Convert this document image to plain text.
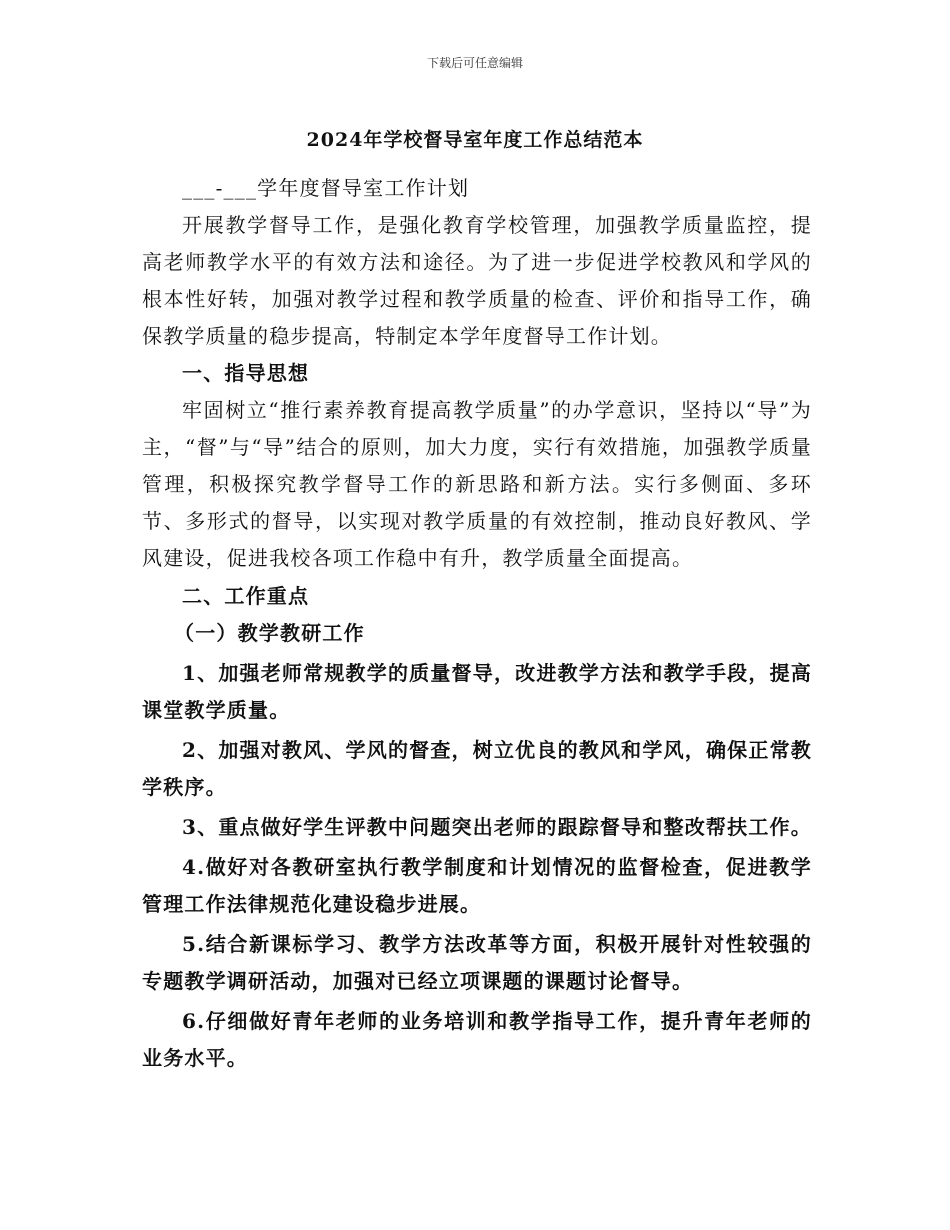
下载后可任意编辑
2024年学校督导室年度工作总结范本

___-___学年度督导室工作计划

开展教学督导工作，是强化教育学校管理，加强教学质量监控，提高老师教学水平的有效方法和途径。为了进一步促进学校教风和学风的根本性好转，加强对教学过程和教学质量的检查、评价和指导工作，确保教学质量的稳步提高，特制定本学年度督导工作计划。

一、指导思想

牢固树立“推行素养教育提高教学质量”的办学意识，坚持以“导”为主，“督”与“导”结合的原则，加大力度，实行有效措施，加强教学质量管理，积极探究教学督导工作的新思路和新方法。实行多侧面、多环节、多形式的督导，以实现对教学质量的有效控制，推动良好教风、学风建设，促进我校各项工作稳中有升，教学质量全面提高。

二、工作重点

（一）教学教研工作

1、加强老师常规教学的质量督导，改进教学方法和教学手段，提高课堂教学质量。

2、加强对教风、学风的督查，树立优良的教风和学风，确保正常教学秩序。

3、重点做好学生评教中问题突出老师的跟踪督导和整改帮扶工作。

4.做好对各教研室执行教学制度和计划情况的监督检查，促进教学管理工作法律规范化建设稳步进展。

5.结合新课标学习、教学方法改革等方面，积极开展针对性较强的专题教学调研活动，加强对已经立项课题的课题讨论督导。

6.仔细做好青年老师的业务培训和教学指导工作，提升青年老师的业务水平。
